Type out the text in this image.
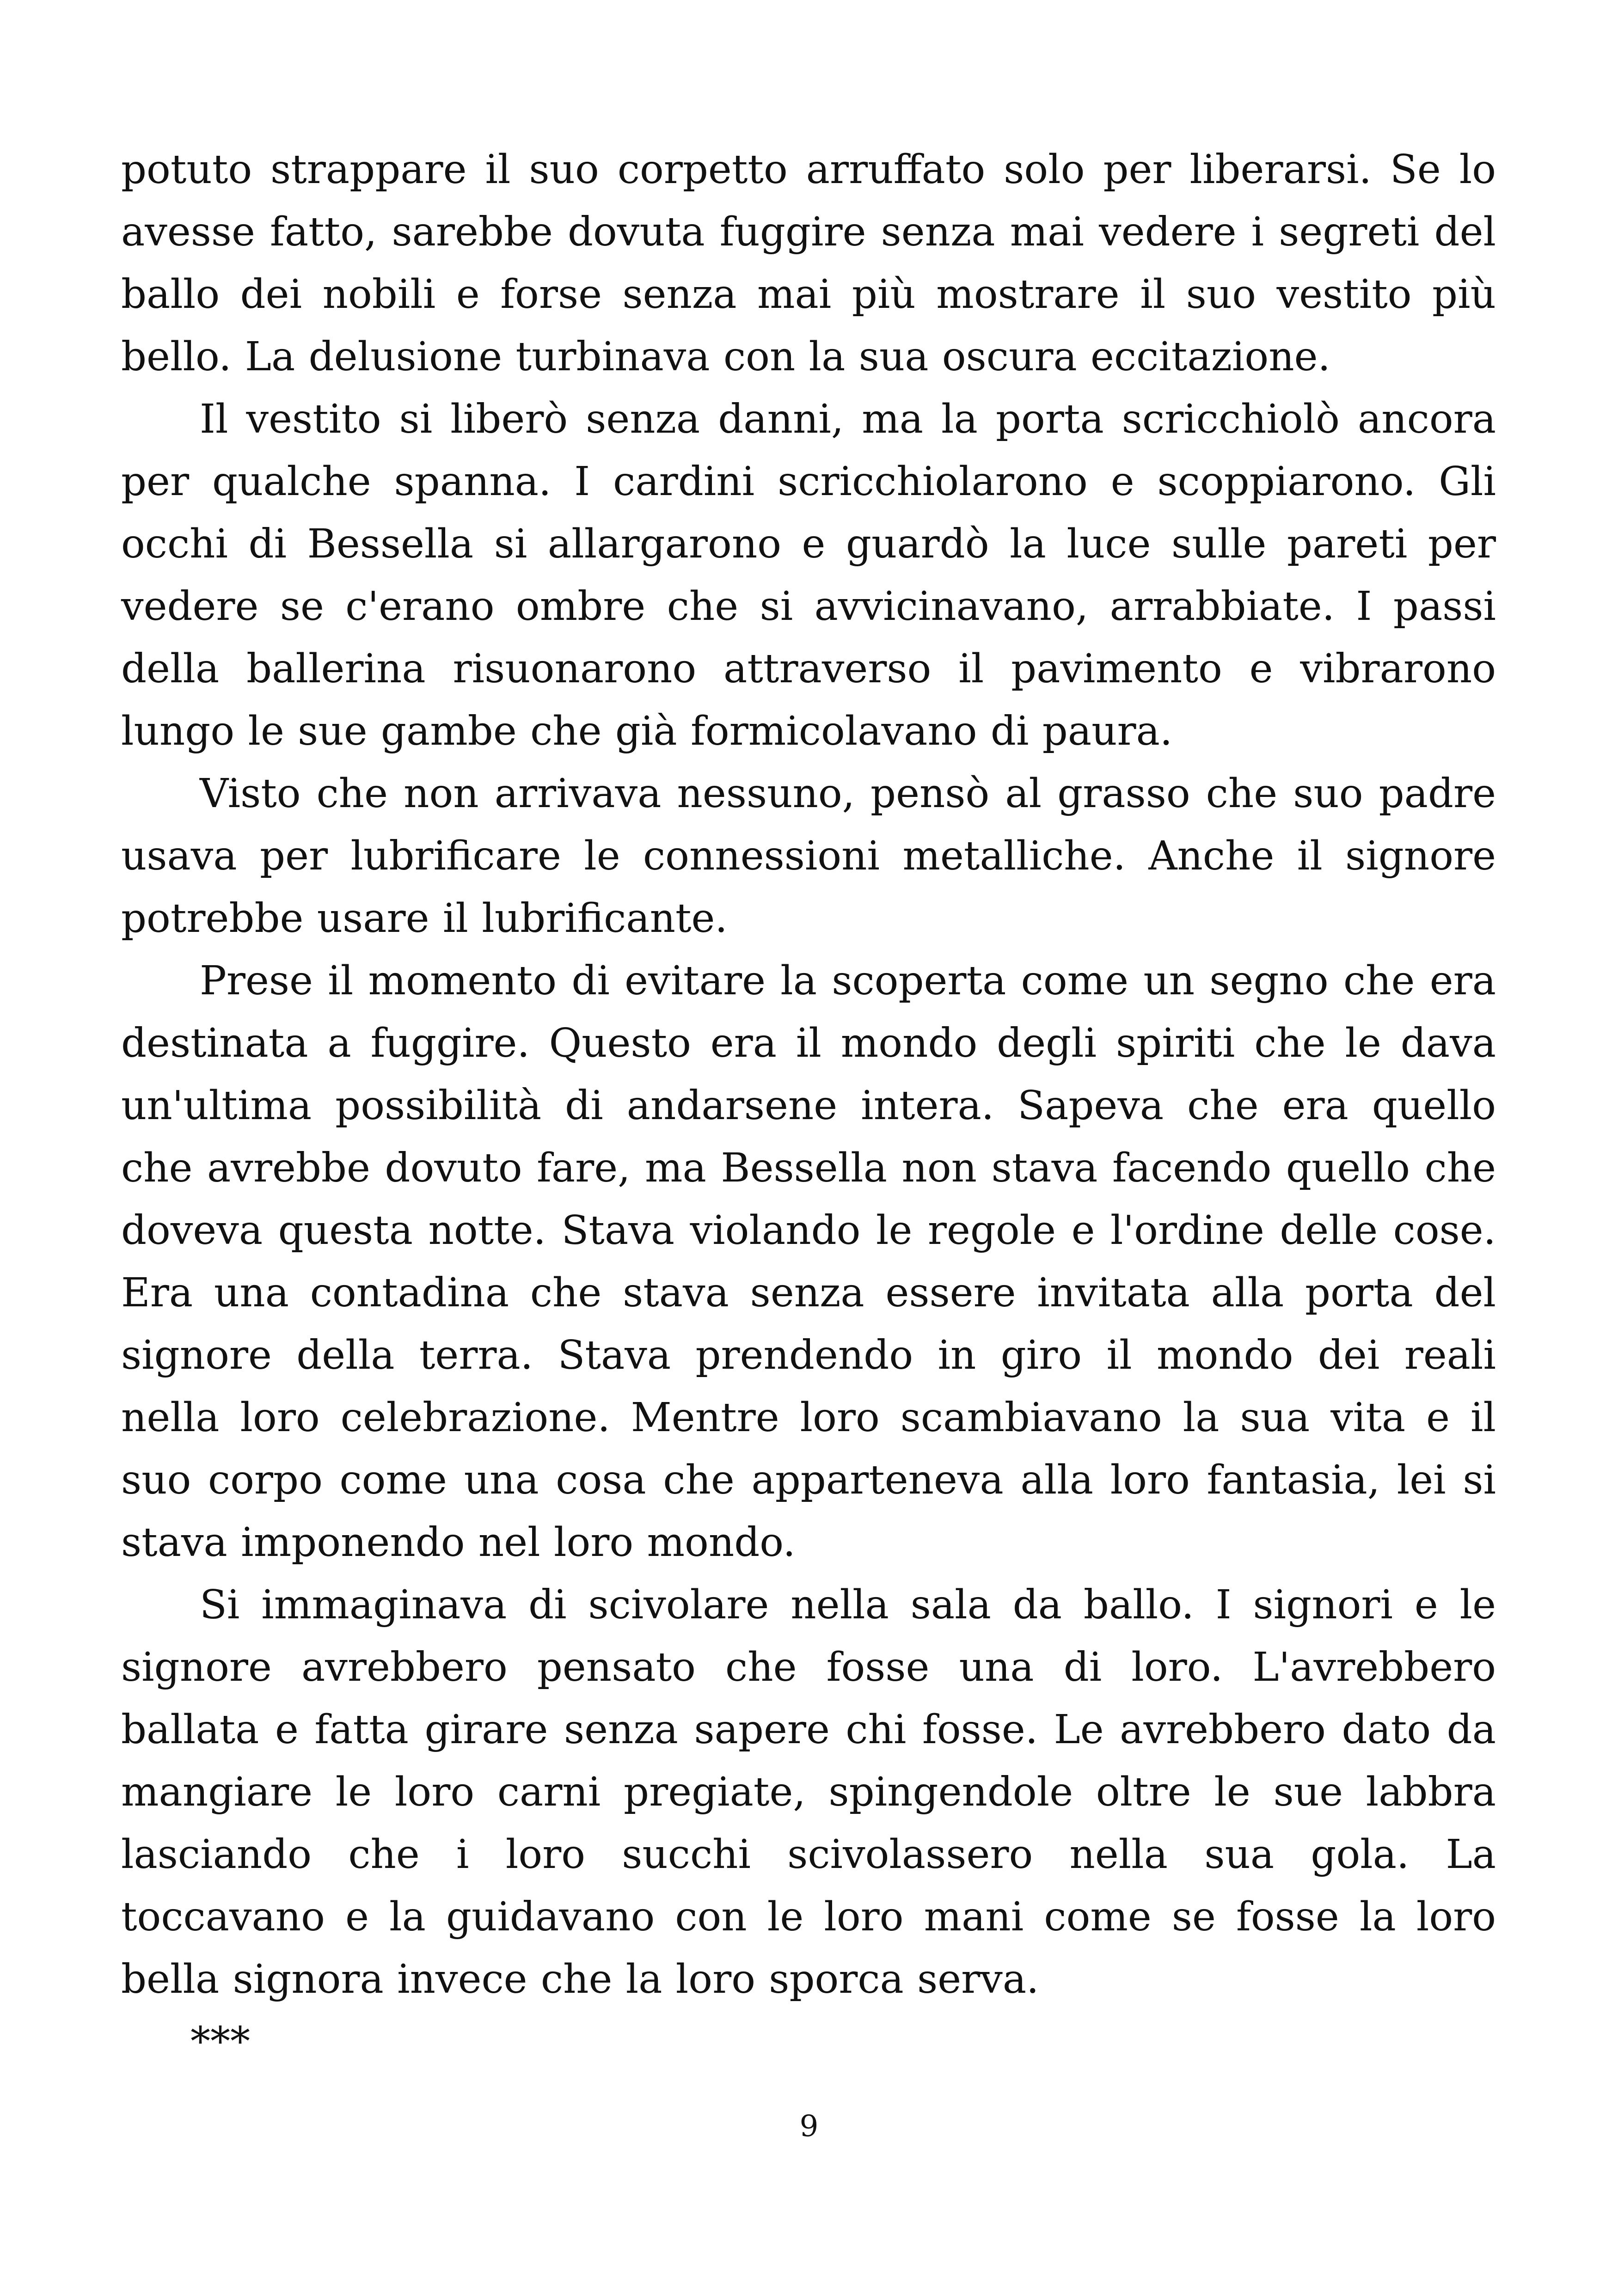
potuto strappare il suo corpetto arruffato solo per liberarsi. Se lo avesse fatto, sarebbe dovuta fuggire senza mai vedere i segreti del ballo dei nobili e forse senza mai più mostrare il suo vestito più bello. La delusione turbinava con la sua oscura eccitazione.

Il vestito si liberò senza danni, ma la porta scricchiolò ancora per qualche spanna. I cardini scricchiolarono e scoppiarono. Gli occhi di Bessella si allargarono e guardò la luce sulle pareti per vedere se c'erano ombre che si avvicinavano, arrabbiate. I passi della ballerina risuonarono attraverso il pavimento e vibrarono lungo le sue gambe che già formicolavano di paura.

Visto che non arrivava nessuno, pensò al grasso che suo padre usava per lubrificare le connessioni metalliche. Anche il signore potrebbe usare il lubrificante.

Prese il momento di evitare la scoperta come un segno che era destinata a fuggire. Questo era il mondo degli spiriti che le dava un'ultima possibilità di andarsene intera. Sapeva che era quello che avrebbe dovuto fare, ma Bessella non stava facendo quello che doveva questa notte. Stava violando le regole e l'ordine delle cose. Era una contadina che stava senza essere invitata alla porta del signore della terra. Stava prendendo in giro il mondo dei reali nella loro celebrazione. Mentre loro scambiavano la sua vita e il suo corpo come una cosa che apparteneva alla loro fantasia, lei si stava imponendo nel loro mondo.

Si immaginava di scivolare nella sala da ballo. I signori e le signore avrebbero pensato che fosse una di loro. L'avrebbero ballata e fatta girare senza sapere chi fosse. Le avrebbero dato da mangiare le loro carni pregiate, spingendole oltre le sue labbra lasciando che i loro succhi scivolassero nella sua gola. La toccavano e la guidavano con le loro mani come se fosse la loro bella signora invece che la loro sporca serva.

***

9
